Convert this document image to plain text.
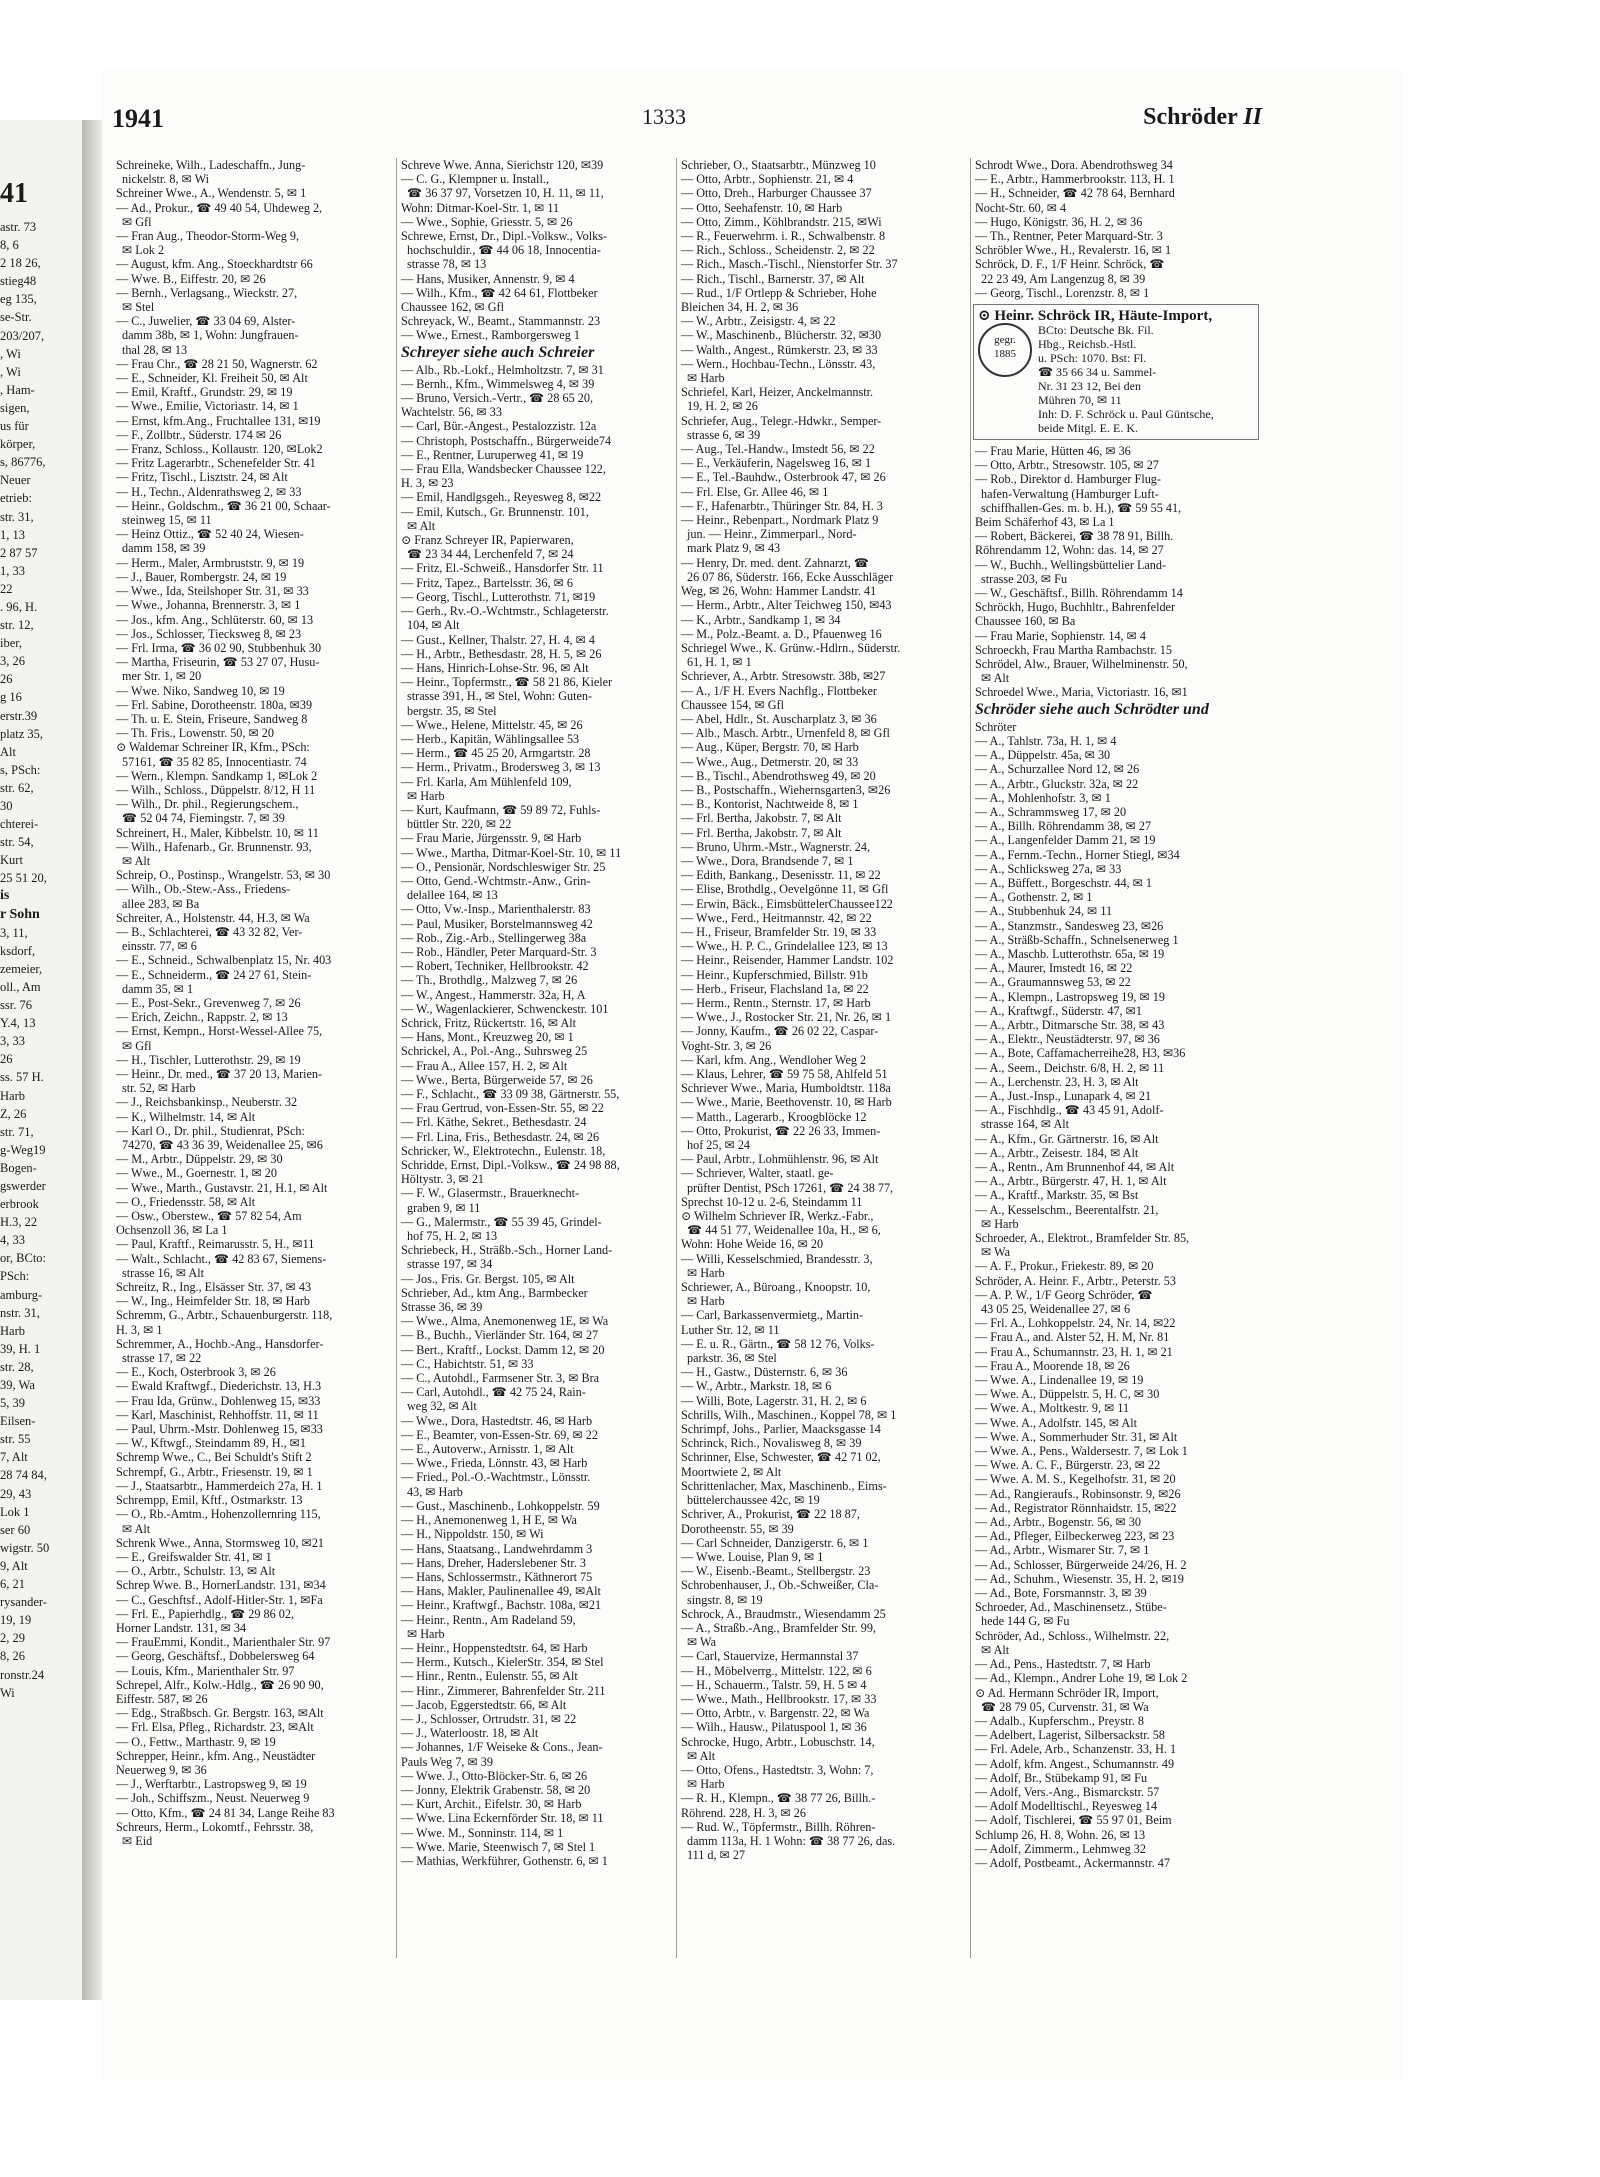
41
astr. 73
8, 6
2 18 26,
stieg48
eg 135,
se-Str.
203/207,
, Wi
, Wi
, Ham-
sigen,
us für
körper,
s, 86776,
Neuer
etrieb:
str. 31,
1, 13
2 87 57
1, 33
22
. 96, H.
str. 12,
iber,
3, 26
26
g 16
erstr.39
platz 35,
Alt
s, PSch:
str. 62,
30
chterei-
str. 54,
Kurt
25 51 20,
is
r Sohn
3, 11,
ksdorf,
zemeier,
oll., Am
ssr. 76
Y.4, 13
3, 33
26
ss. 57 H.
Harb
Z, 26
str. 71,
g-Weg19
Bogen-
gswerder
erbrook
H.3, 22
4, 33
or, BCto:
PSch:
amburg-
nstr. 31,
Harb
39, H. 1
str. 28,
39, Wa
5, 39
Eilsen-
str. 55
7, Alt
28 74 84,
29, 43
Lok 1
ser 60
wigstr. 50
9, Alt
6, 21
rysander-
19, 19
2, 29
8, 26
ronstr.24
Wi
1941	1333	Schröder II
Schreineke, Wilh., Ladeschaffn., Jung-
nickelstr. 8, ✉ Wi
Schreiner Wwe., A., Wendenstr. 5, ✉ 1
— Ad., Prokur., ☎ 49 40 54, Uhdeweg 2,
✉ Gfl
— Fran Aug., Theodor-Storm-Weg 9,
✉ Lok 2
— August, kfm. Ang., Stoeckhardtstr 66
— Wwe. B., Eiffestr. 20, ✉ 26
— Bernh., Verlagsang., Wieckstr. 27,
✉ Stel
— C., Juwelier, ☎ 33 04 69, Alster-
damm 38b, ✉ 1, Wohn: Jungfrauen-
thal 28, ✉ 13
— Frau Chr., ☎ 28 21 50, Wagnerstr. 62
— E., Schneider, Kl. Freiheit 50, ✉ Alt
— Emil, Kraftf., Grundstr. 29, ✉ 19
— Wwe., Emilie, Victoriastr. 14, ✉ 1
— Ernst, kfm.Ang., Fruchtallee 131, ✉19
— F., Zollbtr., Süderstr. 174 ✉ 26
— Franz, Schloss., Kollaustr. 120, ✉Lok2
— Fritz Lagerarbtr., Schenefelder Str. 41
— Fritz, Tischl., Lisztstr. 24, ✉ Alt
— H., Techn., Aldenrathsweg 2, ✉ 33
— Heinr., Goldschm., ☎ 36 21 00, Schaar-
steinweg 15, ✉ 11
— Heinz Ottiz., ☎ 52 40 24, Wiesen-
damm 158, ✉ 39
— Herm., Maler, Armbruststr. 9, ✉ 19
— J., Bauer, Rombergstr. 24, ✉ 19
— Wwe., Ida, Steilshoper Str. 31, ✉ 33
— Wwe., Johanna, Brennerstr. 3, ✉ 1
— Jos., kfm. Ang., Schlüterstr. 60, ✉ 13
— Jos., Schlosser, Tiecksweg 8, ✉ 23
— Frl. Irma, ☎ 36 02 90, Stubbenhuk 30
— Martha, Friseurin, ☎ 53 27 07, Husu-
mer Str. 1, ✉ 20
— Wwe. Niko, Sandweg 10, ✉ 19
— Frl. Sabine, Dorotheenstr. 180a, ✉39
— Th. u. E. Stein, Friseure, Sandweg 8
— Th. Fris., Lowenstr. 50, ✉ 20
⊙ Waldemar Schreiner IR, Kfm., PSch:
57161, ☎ 35 82 85, Innocentiastr. 74
— Wern., Klempn. Sandkamp 1, ✉Lok 2
— Wilh., Schloss., Düppelstr. 8/12, H 11
— Wilh., Dr. phil., Regierungschem.,
☎ 52 04 74, Fiemingstr. 7, ✉ 39
Schreinert, H., Maler, Kibbelstr. 10, ✉ 11
— Wilh., Hafenarb., Gr. Brunnenstr. 93,
✉ Alt
Schreip, O., Postinsp., Wrangelstr. 53, ✉ 30
— Wilh., Ob.-Stew.-Ass., Friedens-
allee 283, ✉ Ba
Schreiter, A., Holstenstr. 44, H.3, ✉ Wa
— B., Schlachterei, ☎ 43 32 82, Ver-
einsstr. 77, ✉ 6
— E., Schneid., Schwalbenplatz 15, Nr. 403
— E., Schneiderm., ☎ 24 27 61, Stein-
damm 35, ✉ 1
— E., Post-Sekr., Grevenweg 7, ✉ 26
— Erich, Zeichn., Rappstr. 2, ✉ 13
— Ernst, Kempn., Horst-Wessel-Allee 75,
✉ Gfl
— H., Tischler, Lutterothstr. 29, ✉ 19
— Heinr., Dr. med., ☎ 37 20 13, Marien-
str. 52, ✉ Harb
— J., Reichsbankinsp., Neuberstr. 32
— K., Wilhelmstr. 14, ✉ Alt
— Karl O., Dr. phil., Studienrat, PSch:
74270, ☎ 43 36 39, Weidenallee 25, ✉6
— M., Arbtr., Düppelstr. 29, ✉ 30
— Wwe., M., Goernestr. 1, ✉ 20
— Wwe., Marth., Gustavstr. 21, H.1, ✉ Alt
— O., Friedensstr. 58, ✉ Alt
— Osw., Oberstew., ☎ 57 82 54, Am
Ochsenzoll 36, ✉ La 1
— Paul, Kraftf., Reimarusstr. 5, H., ✉11
— Walt., Schlacht., ☎ 42 83 67, Siemens-
strasse 16, ✉ Alt
Schreitz, R., Ing., Elsässer Str. 37, ✉ 43
— W., Ing., Heimfelder Str. 18, ✉ Harb
Schremm, G., Arbtr., Schauenburgerstr. 118,
H. 3, ✉ 1
Schremmer, A., Hochb.-Ang., Hansdorfer-
strasse 17, ✉ 22
— E., Koch, Osterbrook 3, ✉ 26
— Ewald Kraftwgf., Diederichstr. 13, H.3
— Frau Ida, Grünw., Dohlenweg 15, ✉33
— Karl, Maschinist, Rehhoffstr. 11, ✉ 11
— Paul, Uhrm.-Mstr. Dohlenweg 15, ✉33
— W., Kftwgf., Steindamm 89, H., ✉1
Schremp Wwe., C., Bei Schuldt's Stift 2
Schrempf, G., Arbtr., Friesenstr. 19, ✉ 1
— J., Staatsarbtr., Hammerdeich 27a, H. 1
Schrempp, Emil, Kftf., Ostmarkstr. 13
— O., Rb.-Amtm., Hohenzollernring 115,
✉ Alt
Schrenk Wwe., Anna, Stormsweg 10, ✉21
— E., Greifswalder Str. 41, ✉ 1
— O., Arbtr., Schulstr. 13, ✉ Alt
Schrep Wwe. B., HornerLandstr. 131, ✉34
— C., Geschftsf., Adolf-Hitler-Str. 1, ✉Fa
— Frl. E., Papierhdlg., ☎ 29 86 02,
Horner Landstr. 131, ✉ 34
— FrauEmmi, Kondit., Marienthaler Str. 97
— Georg, Geschäftsf., Dobbelersweg 64
— Louis, Kfm., Marienthaler Str. 97
Schrepel, Alfr., Kolw.-Hdlg., ☎ 26 90 90,
Eiffestr. 587, ✉ 26
— Edg., Straßbsch. Gr. Bergstr. 163, ✉Alt
— Frl. Elsa, Pfleg., Richardstr. 23, ✉Alt
— O., Fettw., Marthastr. 9, ✉ 19
Schrepper, Heinr., kfm. Ang., Neustädter
Neuerweg 9, ✉ 36
— J., Werftarbtr., Lastropsweg 9, ✉ 19
— Joh., Schiffszm., Neust. Neuerweg 9
— Otto, Kfm., ☎ 24 81 34, Lange Reihe 83
Schreurs, Herm., Lokomtf., Fehrsstr. 38,
✉ Eid
Schreve Wwe. Anna, Sierichstr 120, ✉39
— C. G., Klempner u. Install.,
☎ 36 37 97, Vorsetzen 10, H. 11, ✉ 11,
Wohn: Ditmar-Koel-Str. 1, ✉ 11
— Wwe., Sophie, Griesstr. 5, ✉ 26
Schrewe, Ernst, Dr., Dipl.-Volksw., Volks-
hochschuldir., ☎ 44 06 18, Innocentia-
strasse 78, ✉ 13
— Hans, Musiker, Annenstr. 9, ✉ 4
— Wilh., Kfm., ☎ 42 64 61, Flottbeker
Chaussee 162, ✉ Gfl
Schreyack, W., Beamt., Stammannstr. 23
— Wwe., Ernest., Ramborgersweg 1
Schreyer siehe auch Schreier
— Alb., Rb.-Lokf., Helmholtzstr. 7, ✉ 31
— Bernh., Kfm., Wimmelsweg 4, ✉ 39
— Bruno, Versich.-Vertr., ☎ 28 65 20,
Wachtelstr. 56, ✉ 33
— Carl, Bür.-Angest., Pestalozzistr. 12a
— Christoph, Postschaffn., Bürgerweide74
— E., Rentner, Luruperweg 41, ✉ 19
— Frau Ella, Wandsbecker Chaussee 122,
H. 3, ✉ 23
— Emil, Handlgsgeh., Reyesweg 8, ✉22
— Emil, Kutsch., Gr. Brunnenstr. 101,
✉ Alt
⊙ Franz Schreyer IR, Papierwaren,
☎ 23 34 44, Lerchenfeld 7, ✉ 24
— Fritz, El.-Schweiß., Hansdorfer Str. 11
— Fritz, Tapez., Bartelsstr. 36, ✉ 6
— Georg, Tischl., Lutterothstr. 71, ✉19
— Gerh., Rv.-O.-Wchtmstr., Schlageterstr.
104, ✉ Alt
— Gust., Kellner, Thalstr. 27, H. 4, ✉ 4
— H., Arbtr., Bethesdastr. 28, H. 5, ✉ 26
— Hans, Hinrich-Lohse-Str. 96, ✉ Alt
— Heinr., Topfermstr., ☎ 58 21 86, Kieler
strasse 391, H., ✉ Stel, Wohn: Guten-
bergstr. 35, ✉ Stel
— Wwe., Helene, Mittelstr. 45, ✉ 26
— Herb., Kapitän, Wählingsallee 53
— Herm., ☎ 45 25 20, Armgartstr. 28
— Herm., Privatm., Brodersweg 3, ✉ 13
— Frl. Karla, Am Mühlenfeld 109,
✉ Harb
— Kurt, Kaufmann, ☎ 59 89 72, Fuhls-
büttler Str. 220, ✉ 22
— Frau Marie, Jürgensstr. 9, ✉ Harb
— Wwe., Martha, Ditmar-Koel-Str. 10, ✉ 11
— O., Pensionär, Nordschleswiger Str. 25
— Otto, Gend.-Wchtmstr.-Anw., Grin-
delallee 164, ✉ 13
— Otto, Vw.-Insp., Marienthalerstr. 83
— Paul, Musiker, Borstelmannsweg 42
— Rob., Zig.-Arb., Stellingerweg 38a
— Rob., Händler, Peter Marquard-Str. 3
— Robert, Techniker, Hellbrookstr. 42
— Th., Brothdlg., Malzweg 7, ✉ 26
— W., Angest., Hammerstr. 32a, H, A
— W., Wagenlackierer, Schwenckestr. 101
Schrick, Fritz, Rückertstr. 16, ✉ Alt
— Hans, Mont., Kreuzweg 20, ✉ 1
Schrickel, A., Pol.-Ang., Suhrsweg 25
— Frau A., Allee 157, H. 2, ✉ Alt
— Wwe., Berta, Bürgerweide 57, ✉ 26
— F., Schlacht., ☎ 33 09 38, Gärtnerstr. 55,
— Frau Gertrud, von-Essen-Str. 55, ✉ 22
— Frl. Käthe, Sekret., Bethesdastr. 24
— Frl. Lina, Fris., Bethesdastr. 24, ✉ 26
Schricker, W., Elektrotechn., Eulenstr. 18,
Schridde, Ernst, Dipl.-Volksw., ☎ 24 98 88,
Höltystr. 3, ✉ 21
— F. W., Glasermstr., Brauerknecht-
graben 9, ✉ 11
— G., Malermstr., ☎ 55 39 45, Grindel-
hof 75, H. 2, ✉ 13
Schriebeck, H., Sträßb.-Sch., Horner Land-
strasse 197, ✉ 34
— Jos., Fris. Gr. Bergst. 105, ✉ Alt
Schrieber, Ad., ktm Ang., Barmbecker
Strasse 36, ✉ 39
— Wwe., Alma, Anemonenweg 1E, ✉ Wa
— B., Buchh., Vierländer Str. 164, ✉ 27
— Bert., Kraftf., Lockst. Damm 12, ✉ 20
— C., Habichtstr. 51, ✉ 33
— C., Autohdl., Farmsener Str. 3, ✉ Bra
— Carl, Autohdl., ☎ 42 75 24, Rain-
weg 32, ✉ Alt
— Wwe., Dora, Hastedtstr. 46, ✉ Harb
— E., Beamter, von-Essen-Str. 69, ✉ 22
— E., Autoverw., Arnisstr. 1, ✉ Alt
— Wwe., Frieda, Lönnstr. 43, ✉ Harb
— Fried., Pol.-O.-Wachtmstr., Lönsstr.
43, ✉ Harb
— Gust., Maschinenb., Lohkoppelstr. 59
— H., Anemonenweg 1, H E, ✉ Wa
— H., Nippoldstr. 150, ✉ Wi
— Hans, Staatsang., Landwehrdamm 3
— Hans, Dreher, Haderslebener Str. 3
— Hans, Schlossermstr., Käthnerort 75
— Hans, Makler, Paulinenallee 49, ✉Alt
— Heinr., Kraftwgf., Bachstr. 108a, ✉21
— Heinr., Rentn., Am Radeland 59,
✉ Harb
— Heinr., Hoppenstedtstr. 64, ✉ Harb
— Herm., Kutsch., KielerStr. 354, ✉ Stel
— Hinr., Rentn., Eulenstr. 55, ✉ Alt
— Hinr., Zimmerer, Bahrenfelder Str. 211
— Jacob, Eggerstedtstr. 66, ✉ Alt
— J., Schlosser, Ortrudstr. 31, ✉ 22
— J., Waterloostr. 18, ✉ Alt
— Johannes, 1/F Weiseke & Cons., Jean-
Pauls Weg 7, ✉ 39
— Wwe. J., Otto-Blöcker-Str. 6, ✉ 26
— Jonny, Elektrik Grabenstr. 58, ✉ 20
— Kurt, Archit., Eifelstr. 30, ✉ Harb
— Wwe. Lina Eckernförder Str. 18, ✉ 11
— Wwe. M., Sonninstr. 114, ✉ 1
— Wwe. Marie, Steenwisch 7, ✉ Stel 1
— Mathias, Werkführer, Gothenstr. 6, ✉ 1
Schrieber, O., Staatsarbtr., Münzweg 10
— Otto, Arbtr., Sophienstr. 21, ✉ 4
— Otto, Dreh., Harburger Chaussee 37
— Otto, Seehafenstr. 10, ✉ Harb
— Otto, Zimm., Köhlbrandstr. 215, ✉Wi
— R., Feuerwehrm. i. R., Schwalbenstr. 8
— Rich., Schloss., Scheidenstr. 2, ✉ 22
— Rich., Masch.-Tischl., Nienstorfer Str. 37
— Rich., Tischl., Barnerstr. 37, ✉ Alt
— Rud., 1/F Ortlepp & Schrieber, Hohe
Bleichen 34, H. 2, ✉ 36
— W., Arbtr., Zeisigstr. 4, ✉ 22
— W., Maschinenb., Blücherstr. 32, ✉30
— Walth., Angest., Rümkerstr. 23, ✉ 33
— Wern., Hochbau-Techn., Lönsstr. 43,
✉ Harb
Schriefel, Karl, Heizer, Anckelmannstr.
19, H. 2, ✉ 26
Schriefer, Aug., Telegr.-Hdwkr., Semper-
strasse 6, ✉ 39
— Aug., Tel.-Handw., Imstedt 56, ✉ 22
— E., Verkäuferin, Nagelsweg 16, ✉ 1
— E., Tel.-Bauhdw., Osterbrook 47, ✉ 26
— Frl. Else, Gr. Allee 46, ✉ 1
— F., Hafenarbtr., Thüringer Str. 84, H. 3
— Heinr., Rebenpart., Nordmark Platz 9
jun. — Heinr., Zimmerparl., Nord-
mark Platz 9, ✉ 43
— Henry, Dr. med. dent. Zahnarzt, ☎
26 07 86, Süderstr. 166, Ecke Ausschläger
Weg, ✉ 26, Wohn: Hammer Landstr. 41
— Herm., Arbtr., Alter Teichweg 150, ✉43
— K., Arbtr., Sandkamp 1, ✉ 34
— M., Polz.-Beamt. a. D., Pfauenweg 16
Schriegel Wwe., K. Grünw.-Hdlrn., Süderstr.
61, H. 1, ✉ 1
Schriever, A., Arbtr. Stresowstr. 38b, ✉27
— A., 1/F H. Evers Nachflg., Flottbeker
Chaussee 154, ✉ Gfl
— Abel, Hdlr., St. Auscharplatz 3, ✉ 36
— Alb., Masch. Arbtr., Urnenfeld 8, ✉ Gfl
— Aug., Küper, Bergstr. 70, ✉ Harb
— Wwe., Aug., Detmerstr. 20, ✉ 33
— B., Tischl., Abendrothsweg 49, ✉ 20
— B., Postschaffn., Wiehernsgarten3, ✉26
— B., Kontorist, Nachtweide 8, ✉ 1
— Frl. Bertha, Jakobstr. 7, ✉ Alt
— Frl. Bertha, Jakobstr. 7, ✉ Alt
— Bruno, Uhrm.-Mstr., Wagnerstr. 24,
— Wwe., Dora, Brandsende 7, ✉ 1
— Edith, Bankang., Desenisstr. 11, ✉ 22
— Elise, Brothdlg., Oevelgönne 11, ✉ Gfl
— Erwin, Bäck., EimsbüttelerChaussee122
— Wwe., Ferd., Heitmannstr. 42, ✉ 22
— H., Friseur, Bramfelder Str. 19, ✉ 33
— Wwe., H. P. C., Grindelallee 123, ✉ 13
— Heinr., Reisender, Hammer Landstr. 102
— Heinr., Kupferschmied, Billstr. 91b
— Herb., Friseur, Flachsland 1a, ✉ 22
— Herm., Rentn., Sternstr. 17, ✉ Harb
— Wwe., J., Rostocker Str. 21, Nr. 26, ✉ 1
— Jonny, Kaufm., ☎ 26 02 22, Caspar-
Voght-Str. 3, ✉ 26
— Karl, kfm. Ang., Wendloher Weg 2
— Klaus, Lehrer, ☎ 59 75 58, Ahlfeld 51
Schriever Wwe., Maria, Humboldtstr. 118a
— Wwe., Marie, Beethovenstr. 10, ✉ Harb
— Matth., Lagerarb., Kroogblöcke 12
— Otto, Prokurist, ☎ 22 26 33, Immen-
hof 25, ✉ 24
— Paul, Arbtr., Lohmühlenstr. 96, ✉ Alt
— Schriever, Walter, staatl. ge-
prüfter Dentist, PSch 17261, ☎ 24 38 77,
Sprechst 10-12 u. 2-6, Steindamm 11
⊙ Wilhelm Schriever IR, Werkz.-Fabr.,
☎ 44 51 77, Weidenallee 10a, H., ✉ 6,
Wohn: Hohe Weide 16, ✉ 20
— Willi, Kesselschmied, Brandesstr. 3,
✉ Harb
Schriewer, A., Büroang., Knoopstr. 10,
✉ Harb
— Carl, Barkassenvermietg., Martin-
Luther Str. 12, ✉ 11
— E. u. R., Gärtn., ☎ 58 12 76, Volks-
parkstr. 36, ✉ Stel
— H., Gastw., Düsternstr. 6, ✉ 36
— W., Arbtr., Markstr. 18, ✉ 6
— Willi, Bote, Lagerstr. 31, H. 2, ✉ 6
Schrills, Wilh., Maschinen., Koppel 78, ✉ 1
Schrimpf, Johs., Parlier, Maacksgasse 14
Schrinck, Rich., Novalisweg 8, ✉ 39
Schrinner, Else, Schwester, ☎ 42 71 02,
Moortwiete 2, ✉ Alt
Schrittenlacher, Max, Maschinenb., Eims-
büttelerchaussee 42c, ✉ 19
Schriver, A., Prokurist, ☎ 22 18 87,
Dorotheenstr. 55, ✉ 39
— Carl Schneider, Danzigerstr. 6, ✉ 1
— Wwe. Louise, Plan 9, ✉ 1
— W., Eisenb.-Beamt., Stellbergstr. 23
Schrobenhauser, J., Ob.-Schweißer, Cla-
singstr. 8, ✉ 19
Schrock, A., Braudmstr., Wiesendamm 25
— A., Straßb.-Ang., Bramfelder Str. 99,
✉ Wa
— Carl, Stauervize, Hermannstal 37
— H., Möbelverrg., Mittelstr. 122, ✉ 6
— H., Schauerm., Talstr. 59, H. 5 ✉ 4
— Wwe., Math., Hellbrookstr. 17, ✉ 33
— Otto, Arbtr., v. Bargenstr. 22, ✉ Wa
— Wilh., Hausw., Pilatuspool 1, ✉ 36
Schrocke, Hugo, Arbtr., Lobuschstr. 14,
✉ Alt
— Otto, Ofens., Hastedtstr. 3, Wohn: 7,
✉ Harb
— R. H., Klempn., ☎ 38 77 26, Billh.-
Röhrend. 228, H. 3, ✉ 26
— Rud. W., Töpfermstr., Billh. Röhren-
damm 113a, H. 1 Wohn: ☎ 38 77 26, das.
111 d, ✉ 27
Schrodt Wwe., Dora. Abendrothsweg 34
— E., Arbtr., Hammerbrookstr. 113, H. 1
— H., Schneider, ☎ 42 78 64, Bernhard
Nocht-Str. 60, ✉ 4
— Hugo, Königstr. 36, H. 2, ✉ 36
— Th., Rentner, Peter Marquard-Str. 3
Schröbler Wwe., H., Revalerstr. 16, ✉ 1
Schröck, D. F., 1/F Heinr. Schröck, ☎
22 23 49, Am Langenzug 8, ✉ 39
— Georg, Tischl., Lorenzstr. 8, ✉ 1
⊙ Heinr. Schröck IR, Häute-Import,
gegr.
1885
BCto: Deutsche Bk. Fil.
Hbg., Reichsb.-Hstl.
u. PSch: 1070. Bst: Fl.
☎ 35 66 34 u. Sammel-
Nr. 31 23 12, Bei den
Mühren 70, ✉ 11
Inh: D. F. Schröck u. Paul Güntsche,
beide Mitgl. E. E. K.
— Frau Marie, Hütten 46, ✉ 36
— Otto, Arbtr., Stresowstr. 105, ✉ 27
— Rob., Direktor d. Hamburger Flug-
hafen-Verwaltung (Hamburger Luft-
schiffhallen-Ges. m. b. H.), ☎ 59 55 41,
Beim Schäferhof 43, ✉ La 1
— Robert, Bäckerei, ☎ 38 78 91, Billh.
Röhrendamm 12, Wohn: das. 14, ✉ 27
— W., Buchh., Wellingsbüttelier Land-
strasse 203, ✉ Fu
— W., Geschäftsf., Billh. Röhrendamm 14
Schröckh, Hugo, Buchhltr., Bahrenfelder
Chaussee 160, ✉ Ba
— Frau Marie, Sophienstr. 14, ✉ 4
Schroeckh, Frau Martha Rambachstr. 15
Schrödel, Alw., Brauer, Wilhelminenstr. 50,
✉ Alt
Schroedel Wwe., Maria, Victoriastr. 16, ✉1
Schröder siehe auch Schrödter und
Schröter
— A., Tahlstr. 73a, H. 1, ✉ 4
— A., Düppelstr. 45a, ✉ 30
— A., Schurzallee Nord 12, ✉ 26
— A., Arbtr., Gluckstr. 32a, ✉ 22
— A., Mohlenhofstr. 3, ✉ 1
— A., Schrammsweg 17, ✉ 20
— A., Billh. Röhrendamm 38, ✉ 27
— A., Langenfelder Damm 21, ✉ 19
— A., Fernm.-Techn., Horner Stiegl, ✉34
— A., Schlicksweg 27a, ✉ 33
— A., Büffett., Borgeschstr. 44, ✉ 1
— A., Gothenstr. 2, ✉ 1
— A., Stubbenhuk 24, ✉ 11
— A., Stanzmstr., Sandesweg 23, ✉26
— A., Sträßb-Schaffn., Schnelsenerweg 1
— A., Maschb. Lutterothstr. 65a, ✉ 19
— A., Maurer, Imstedt 16, ✉ 22
— A., Graumannsweg 53, ✉ 22
— A., Klempn., Lastropsweg 19, ✉ 19
— A., Kraftwgf., Süderstr. 47, ✉1
— A., Arbtr., Ditmarsche Str. 38, ✉ 43
— A., Elektr., Neustädterstr. 97, ✉ 36
— A., Bote, Caffamacherreihe28, H3, ✉36
— A., Seem., Deichstr. 6/8, H. 2, ✉ 11
— A., Lerchenstr. 23, H. 3, ✉ Alt
— A., Just.-Insp., Lunapark 4, ✉ 21
— A., Fischhdlg., ☎ 43 45 91, Adolf-
strasse 164, ✉ Alt
— A., Kfm., Gr. Gärtnerstr. 16, ✉ Alt
— A., Arbtr., Zeisestr. 184, ✉ Alt
— A., Rentn., Am Brunnenhof 44, ✉ Alt
— A., Arbtr., Bürgerstr. 47, H. 1, ✉ Alt
— A., Kraftf., Markstr. 35, ✉ Bst
— A., Kesselschm., Beerentalfstr. 21,
✉ Harb
Schroeder, A., Elektrot., Bramfelder Str. 85,
✉ Wa
— A. F., Prokur., Friekestr. 89, ✉ 20
Schröder, A. Heinr. F., Arbtr., Peterstr. 53
— A. P. W., 1/F Georg Schröder, ☎
43 05 25, Weidenallee 27, ✉ 6
— Frl. A., Lohkoppelstr. 24, Nr. 14, ✉22
— Frau A., and. Alster 52, H. M, Nr. 81
— Frau A., Schumannstr. 23, H. 1, ✉ 21
— Frau A., Moorende 18, ✉ 26
— Wwe. A., Lindenallee 19, ✉ 19
— Wwe. A., Düppelstr. 5, H. C, ✉ 30
— Wwe. A., Moltkestr. 9, ✉ 11
— Wwe. A., Adolfstr. 145, ✉ Alt
— Wwe. A., Sommerhuder Str. 31, ✉ Alt
— Wwe. A., Pens., Waldersestr. 7, ✉ Lok 1
— Wwe. A. C. F., Bürgerstr. 23, ✉ 22
— Wwe. A. M. S., Kegelhofstr. 31, ✉ 20
— Ad., Rangieraufs., Robinsonstr. 9, ✉26
— Ad., Registrator Rönnhaidstr. 15, ✉22
— Ad., Arbtr., Bogenstr. 56, ✉ 30
— Ad., Pfleger, Eilbeckerweg 223, ✉ 23
— Ad., Arbtr., Wismarer Str. 7, ✉ 1
— Ad., Schlosser, Bürgerweide 24/26, H. 2
— Ad., Schuhm., Wiesenstr. 35, H. 2, ✉19
— Ad., Bote, Forsmannstr. 3, ✉ 39
Schroeder, Ad., Maschinensetz., Stübe-
hede 144 G, ✉ Fu
Schröder, Ad., Schloss., Wilhelmstr. 22,
✉ Alt
— Ad., Pens., Hastedtstr. 7, ✉ Harb
— Ad., Klempn., Andrer Lohe 19, ✉ Lok 2
⊙ Ad. Hermann Schröder IR, Import,
☎ 28 79 05, Curvenstr. 31, ✉ Wa
— Adalb., Kupferschm., Preystr. 8
— Adelbert, Lagerist, Silbersackstr. 58
— Frl. Adele, Arb., Schanzenstr. 33, H. 1
— Adolf, kfm. Angest., Schumannstr. 49
— Adolf, Br., Stübekamp 91, ✉ Fu
— Adolf, Vers.-Ang., Bismarckstr. 57
— Adolf Modelltischl., Reyesweg 14
— Adolf, Tischlerei, ☎ 55 97 01, Beim
Schlump 26, H. 8, Wohn. 26, ✉ 13
— Adolf, Zimmerm., Lehmweg 32
— Adolf, Postbeamt., Ackermannstr. 47
